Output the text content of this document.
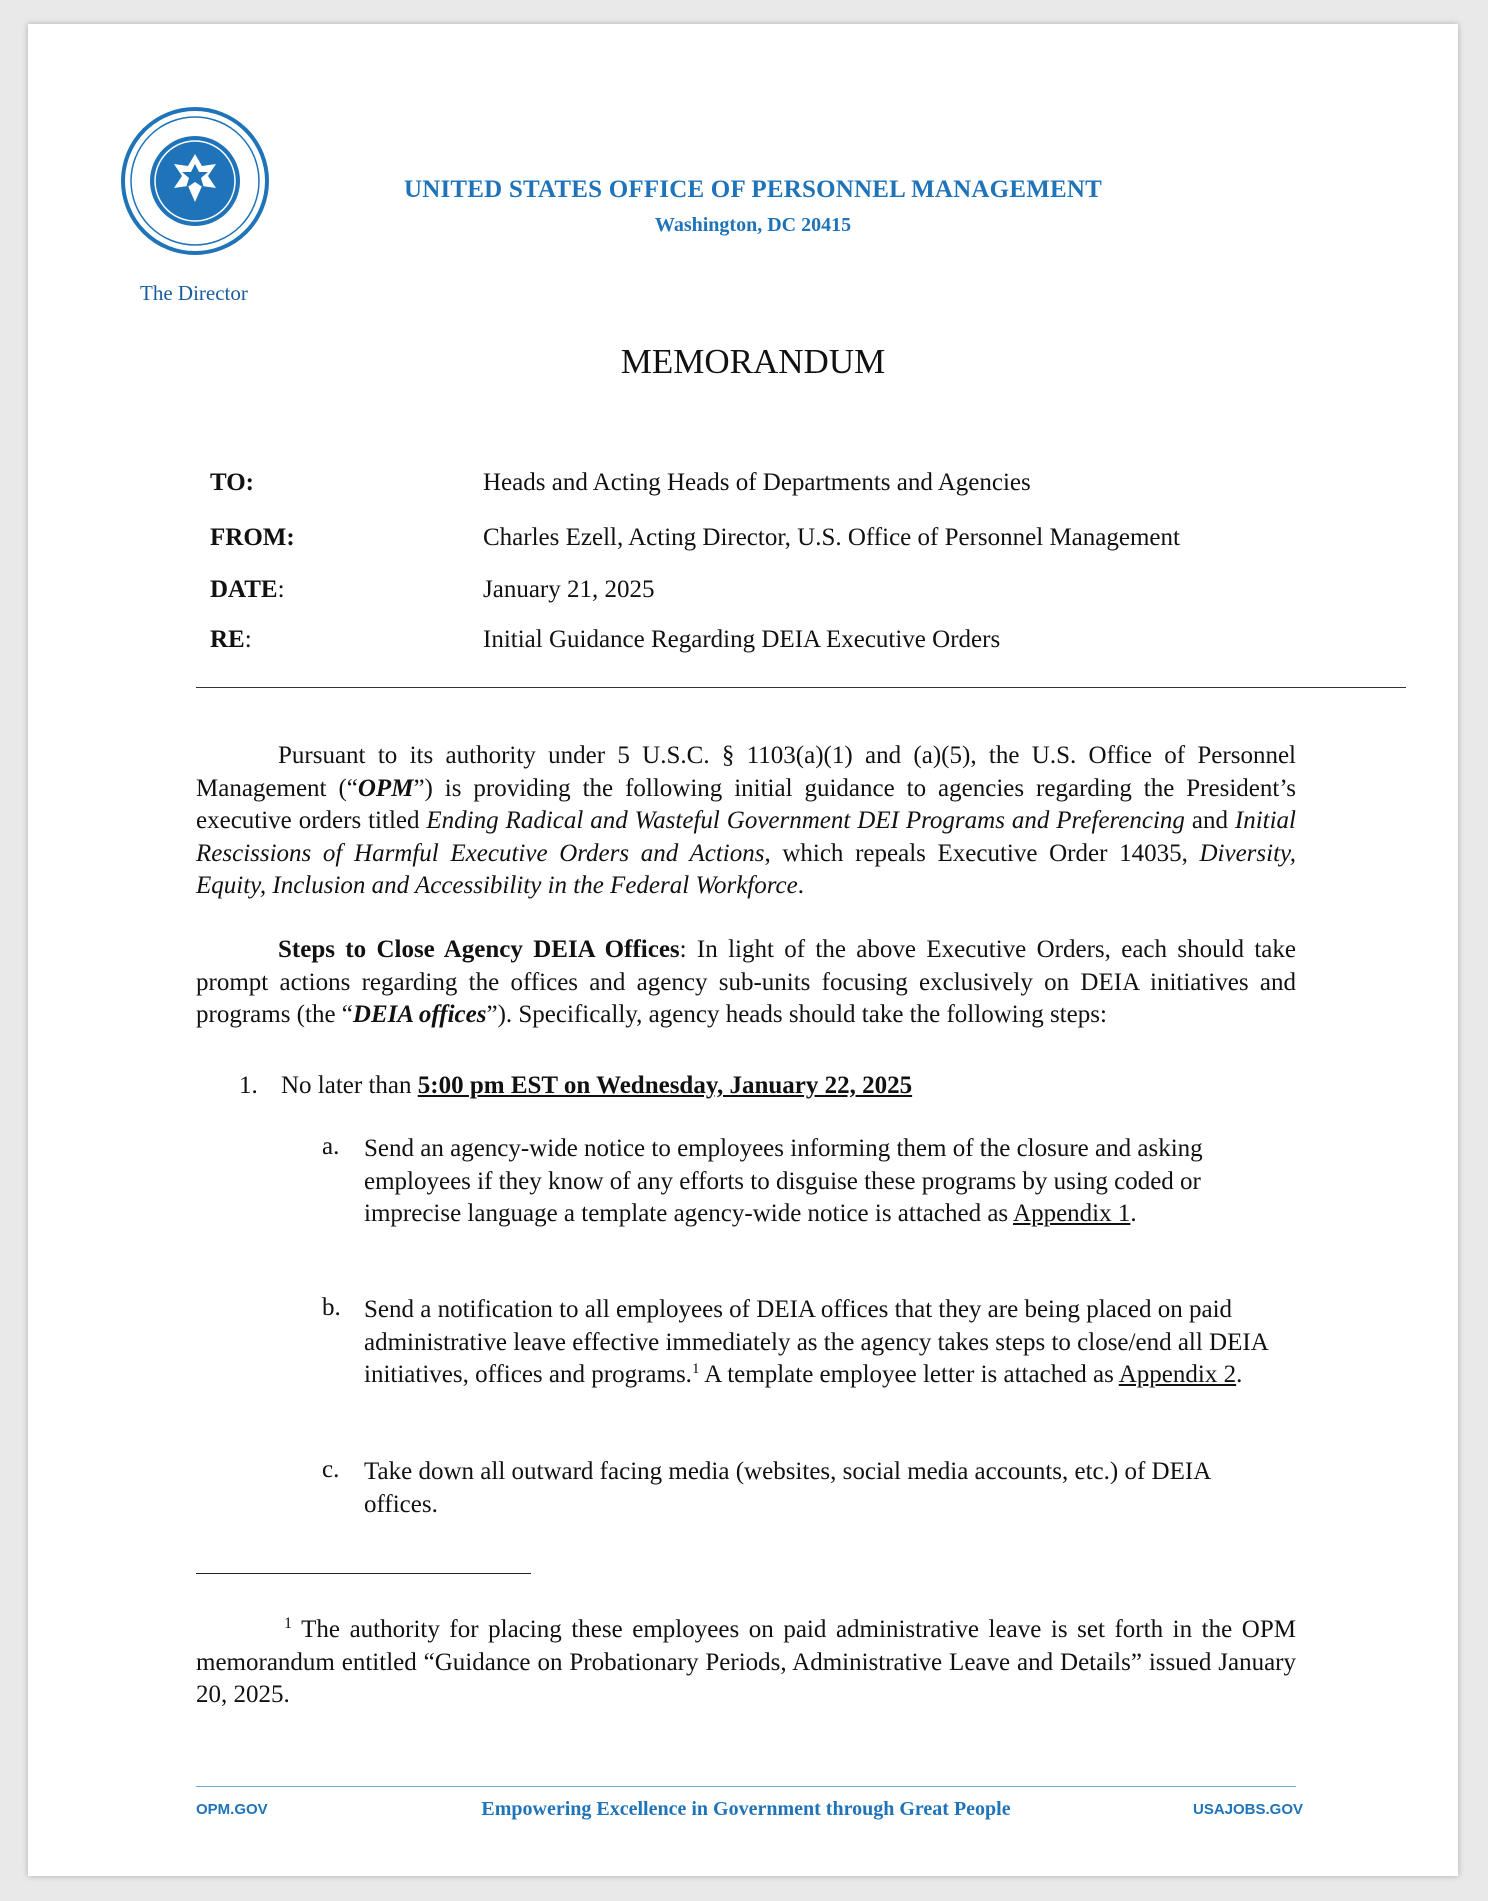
The Director
UNITED STATES OFFICE OF PERSONNEL MANAGEMENT
Washington, DC 20415
MEMORANDUM
TO:	Heads and Acting Heads of Departments and Agencies
FROM:	Charles Ezell, Acting Director, U.S. Office of Personnel Management
DATE:	January 21, 2025
RE:	Initial Guidance Regarding DEIA Executive Orders

Pursuant to its authority under 5 U.S.C. § 1103(a)(1) and (a)(5), the U.S. Office of Personnel Management (“OPM”) is providing the following initial guidance to agencies regarding the President’s executive orders titled Ending Radical and Wasteful Government DEI Programs and Preferencing and Initial Rescissions of Harmful Executive Orders and Actions, which repeals Executive Order 14035, Diversity, Equity, Inclusion and Accessibility in the Federal Workforce.

Steps to Close Agency DEIA Offices: In light of the above Executive Orders, each should take prompt actions regarding the offices and agency sub-units focusing exclusively on DEIA initiatives and programs (the “DEIA offices”). Specifically, agency heads should take the following steps:

1. No later than 5:00 pm EST on Wednesday, January 22, 2025
a. Send an agency-wide notice to employees informing them of the closure and asking employees if they know of any efforts to disguise these programs by using coded or imprecise language a template agency-wide notice is attached as Appendix 1.

b. Send a notification to all employees of DEIA offices that they are being placed on paid administrative leave effective immediately as the agency takes steps to close/end all DEIA initiatives, offices and programs.$^1$ A template employee letter is attached as Appendix 2.

c. Take down all outward facing media (websites, social media accounts, etc.) of DEIA offices.

$^1$ The authority for placing these employees on paid administrative leave is set forth in the OPM memorandum entitled “Guidance on Probationary Periods, Administrative Leave and Details” issued January 20, 2025.

OPM.GOV	Empowering Excellence in Government through Great People	USAJOBS.GOV
